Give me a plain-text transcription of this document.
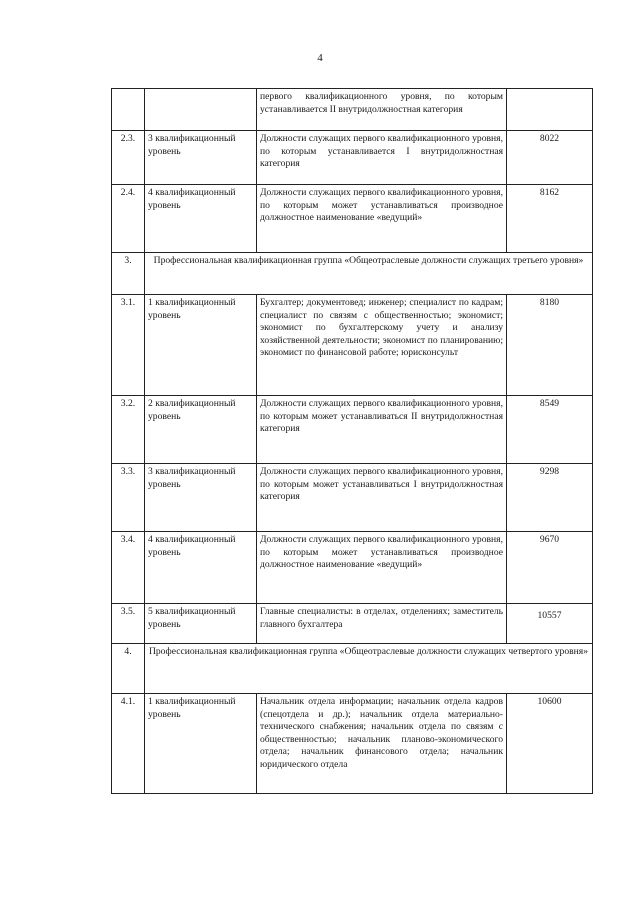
4
		первого квалификационного уровня, по которым устанавливается II внутридолжностная категория	
2.3.	3 квалификационный уровень	Должности служащих первого квалификационного уровня, по которым устанавливается I внутридолжностная категория	8022
2.4.	4 квалификационный уровень	Должности служащих первого квалификационного уровня, по которым может устанавливаться производное должностное наименование «ведущий»	8162
3.	Профессиональная квалификационная группа «Общеотраслевые должности служащих третьего уровня»		
3.1.	1 квалификационный уровень	Бухгалтер; документовед; инженер; специалист по кадрам; специалист по связям с общественностью; экономист; экономист по бухгалтерскому учету и анализу хозяйственной деятельности; экономист по планированию; экономист по финансовой работе; юрисконсульт	8180
3.2.	2 квалификационный уровень	Должности служащих первого квалификационного уровня, по которым может устанавливаться II внутридолжностная категория	8549
3.3.	3 квалификационный уровень	Должности служащих первого квалификационного уровня, по которым может устанавливаться I внутридолжностная категория	9298
3.4.	4 квалификационный уровень	Должности служащих первого квалификационного уровня, по которым может устанавливаться производное должностное наименование «ведущий»	9670
3.5.	5 квалификационный уровень	Главные специалисты: в отделах, отделениях; заместитель главного бухгалтера	10557
4.	Профессиональная квалификационная группа «Общеотраслевые должности служащих четвертого уровня»		
4.1.	1 квалификационный уровень	Начальник отдела информации; начальник отдела кадров (спецотдела и др.); начальник отдела материально-технического снабжения; начальник отдела по связям с общественностью; начальник планово-экономического отдела; начальник финансового отдела; начальник юридического отдела	10600
